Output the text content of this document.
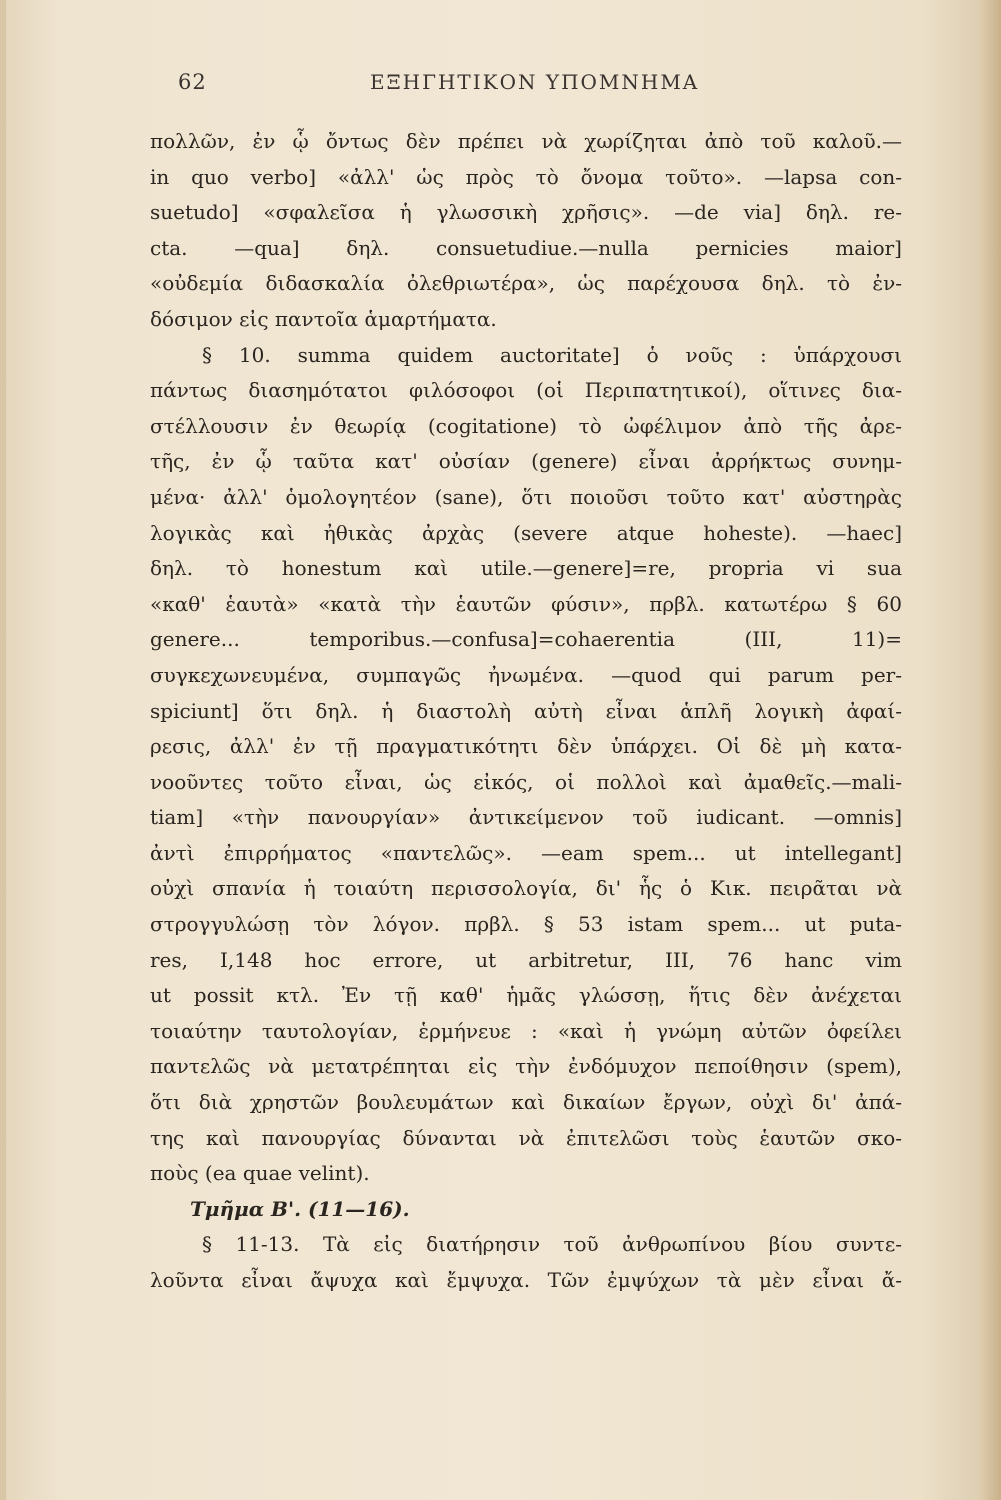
62	ΕΞΗΓΗΤΙΚΟΝ ΥΠΟΜΝΗΜΑ
πολλῶν, ἐν ᾧ ὄντως δὲν πρέπει νὰ χωρίζηται ἀπὸ τοῦ καλοῦ.—
in quo verbo] «ἀλλ' ὡς πρὸς τὸ ὄνομα τοῦτο». —lapsa con-
suetudo] «σφαλεῖσα ἡ γλωσσικὴ χρῆσις». —de via] δηλ. re-
cta. —qua] δηλ. consuetudiue.—nulla pernicies maior]
«οὐδεμία διδασκαλία ὀλεθριωτέρα», ὡς παρέχουσα δηλ. τὸ ἐν-
δόσιμον εἰς παντοῖα ἁμαρτήματα.
§ 10. summa quidem auctoritate] ὁ νοῦς : ὑπάρχουσι
πάντως διασημότατοι φιλόσοφοι (οἱ Περιπατητικοί), οἵτινες δια-
στέλλουσιν ἐν θεωρίᾳ (cogitatione) τὸ ὠφέλιμον ἀπὸ τῆς ἀρε-
τῆς, ἐν ᾧ ταῦτα κατ' οὐσίαν (genere) εἶναι ἀρρήκτως συνημ-
μένα· ἀλλ' ὁμολογητέον (sane), ὅτι ποιοῦσι τοῦτο κατ' αὐστηρὰς
λογικὰς καὶ ἠθικὰς ἀρχὰς (severe atque hoheste). —haec]
δηλ. τὸ honestum καὶ utile.—genere]=re, propria vi sua
«καθ' ἑαυτὰ» «κατὰ τὴν ἑαυτῶν φύσιν», πρβλ. κατωτέρω § 60
genere... temporibus.—confusa]=cohaerentia (III, 11)=
συγκεχωνευμένα, συμπαγῶς ἠνωμένα. —quod qui parum per-
spiciunt] ὅτι δηλ. ἡ διαστολὴ αὐτὴ εἶναι ἁπλῆ λογικὴ ἀφαί-
ρεσις, ἀλλ' ἐν τῇ πραγματικότητι δὲν ὑπάρχει. Οἱ δὲ μὴ κατα-
νοοῦντες τοῦτο εἶναι, ὡς εἰκός, οἱ πολλοὶ καὶ ἀμαθεῖς.—mali-
tiam] «τὴν πανουργίαν» ἀντικείμενον τοῦ iudicant. —omnis]
ἀντὶ ἐπιρρήματος «παντελῶς». —eam spem... ut intellegant]
οὐχὶ σπανία ἡ τοιαύτη περισσολογία, δι' ἧς ὁ Κικ. πειρᾶται νὰ
στρογγυλώσῃ τὸν λόγον. πρβλ. § 53 istam spem... ut puta-
res, I,148 hoc errore, ut arbitretur, III, 76 hanc vim
ut possit κτλ. Ἐν τῇ καθ' ἡμᾶς γλώσσῃ, ἥτις δὲν ἀνέχεται
τοιαύτην ταυτολογίαν, ἑρμήνευε : «καὶ ἡ γνώμη αὐτῶν ὀφείλει
παντελῶς νὰ μετατρέπηται εἰς τὴν ἐνδόμυχον πεποίθησιν (spem),
ὅτι διὰ χρηστῶν βουλευμάτων καὶ δικαίων ἔργων, οὐχὶ δι' ἀπά-
της καὶ πανουργίας δύνανται νὰ ἐπιτελῶσι τοὺς ἑαυτῶν σκο-
ποὺς (ea quae velint).
Τμῆμα Β'. (11—16).
§ 11-13. Τὰ εἰς διατήρησιν τοῦ ἀνθρωπίνου βίου συντε-
λοῦντα εἶναι ἄψυχα καὶ ἔμψυχα. Τῶν ἐμψύχων τὰ μὲν εἶναι ἄ-
